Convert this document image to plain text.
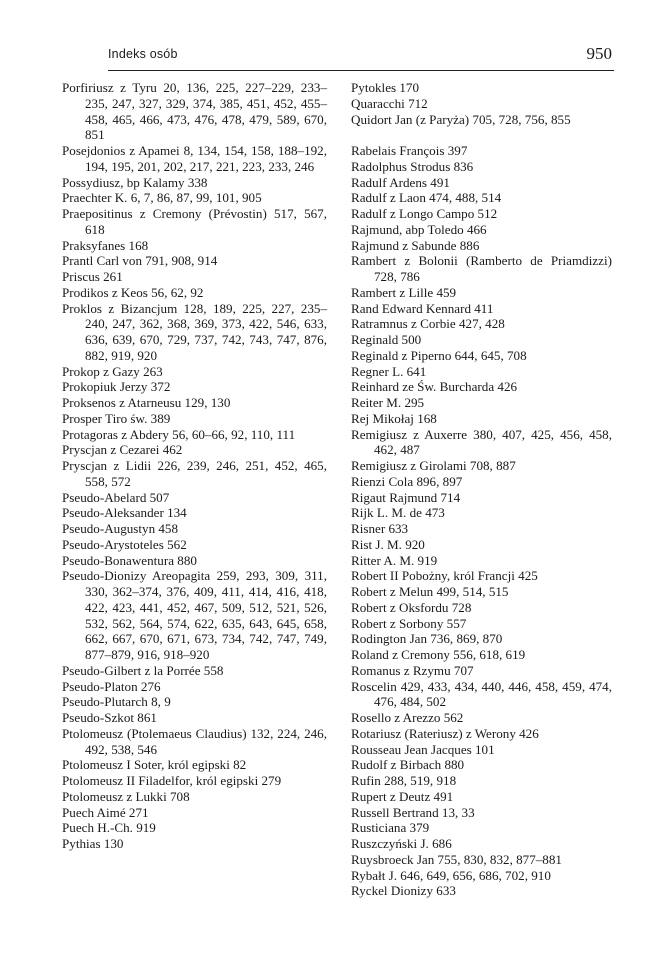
Indeks osób	950
Porfiriusz z Tyru 20, 136, 225, 227–229, 233–235, 247, 327, 329, 374, 385, 451, 452, 455–458, 465, 466, 473, 476, 478, 479, 589, 670, 851
Posejdonios z Apamei 8, 134, 154, 158, 188–192, 194, 195, 201, 202, 217, 221, 223, 233, 246
Possydiusz, bp Kalamy 338
Praechter K. 6, 7, 86, 87, 99, 101, 905
Praepositinus z Cremony (Prévostin) 517, 567, 618
Praksyfanes 168
Prantl Carl von 791, 908, 914
Priscus 261
Prodikos z Keos 56, 62, 92
Proklos z Bizancjum 128, 189, 225, 227, 235–240, 247, 362, 368, 369, 373, 422, 546, 633, 636, 639, 670, 729, 737, 742, 743, 747, 876, 882, 919, 920
Prokop z Gazy 263
Prokopiuk Jerzy 372
Proksenos z Atarneusu 129, 130
Prosper Tiro św. 389
Protagoras z Abdery 56, 60–66, 92, 110, 111
Pryscjan z Cezarei 462
Pryscjan z Lidii 226, 239, 246, 251, 452, 465, 558, 572
Pseudo-Abelard 507
Pseudo-Aleksander 134
Pseudo-Augustyn 458
Pseudo-Arystoteles 562
Pseudo-Bonawentura 880
Pseudo-Dionizy Areopagita 259, 293, 309, 311, 330, 362–374, 376, 409, 411, 414, 416, 418, 422, 423, 441, 452, 467, 509, 512, 521, 526, 532, 562, 564, 574, 622, 635, 643, 645, 658, 662, 667, 670, 671, 673, 734, 742, 747, 749, 877–879, 916, 918–920
Pseudo-Gilbert z la Porrée 558
Pseudo-Platon 276
Pseudo-Plutarch 8, 9
Pseudo-Szkot 861
Ptolomeusz (Ptolemaeus Claudius) 132, 224, 246, 492, 538, 546
Ptolomeusz I Soter, król egipski 82
Ptolomeusz II Filadelfor, król egipski 279
Ptolomeusz z Lukki 708
Puech Aimé 271
Puech H.-Ch. 919
Pythias 130
Pytokles 170
Quaracchi 712
Quidort Jan (z Paryża) 705, 728, 756, 855
Rabelais François 397
Radolphus Strodus 836
Radulf Ardens 491
Radulf z Laon 474, 488, 514
Radulf z Longo Campo 512
Rajmund, abp Toledo 466
Rajmund z Sabunde 886
Rambert z Bolonii (Ramberto de Priamdizzi) 728, 786
Rambert z Lille 459
Rand Edward Kennard 411
Ratramnus z Corbie 427, 428
Reginald 500
Reginald z Piperno 644, 645, 708
Regner L. 641
Reinhard ze Św. Burcharda 426
Reiter M. 295
Rej Mikołaj 168
Remigiusz z Auxerre 380, 407, 425, 456, 458, 462, 487
Remigiusz z Girolami 708, 887
Rienzi Cola 896, 897
Rigaut Rajmund 714
Rijk L. M. de 473
Risner 633
Rist J. M. 920
Ritter A. M. 919
Robert II Pobożny, król Francji 425
Robert z Melun 499, 514, 515
Robert z Oksfordu 728
Robert z Sorbony 557
Rodington Jan 736, 869, 870
Roland z Cremony 556, 618, 619
Romanus z Rzymu 707
Roscelin 429, 433, 434, 440, 446, 458, 459, 474, 476, 484, 502
Rosello z Arezzo 562
Rotariusz (Rateriusz) z Werony 426
Rousseau Jean Jacques 101
Rudolf z Birbach 880
Rufin 288, 519, 918
Rupert z Deutz 491
Russell Bertrand 13, 33
Rusticiana 379
Ruszczyński J. 686
Ruysbroeck Jan 755, 830, 832, 877–881
Rybałt J. 646, 649, 656, 686, 702, 910
Ryckel Dionizy 633
